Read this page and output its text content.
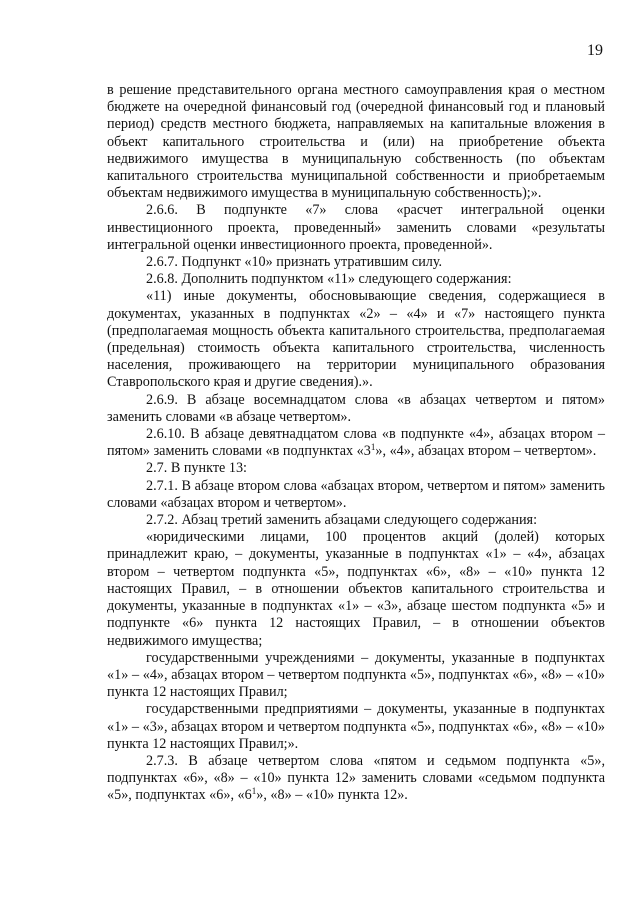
19

в решение представительного органа местного самоуправления края о местном бюджете на очередной финансовый год (очередной финансовый год и плановый период) средств местного бюджета, направляемых на капитальные вложения в объект капитального строительства и (или) на приобретение объекта недвижимого имущества в муниципальную собственность (по объектам капитального строительства муниципальной собственности и приобретаемым объектам недвижимого имущества в муниципальную собственность);».

2.6.6. В подпункте «7» слова «расчет интегральной оценки инвестиционного проекта, проведенный» заменить словами «результаты интегральной оценки инвестиционного проекта, проведенной».

2.6.7. Подпункт «10» признать утратившим силу.

2.6.8. Дополнить подпунктом «11» следующего содержания:

«11) иные документы, обосновывающие сведения, содержащиеся в документах, указанных в подпунктах «2» – «4» и «7» настоящего пункта (предполагаемая мощность объекта капитального строительства, предполагаемая (предельная) стоимость объекта капитального строительства, численность населения, проживающего на территории муниципального образования Ставропольского края и другие сведения).».

2.6.9. В абзаце восемнадцатом слова «в абзацах четвертом и пятом» заменить словами «в абзаце четвертом».

2.6.10. В абзаце девятнадцатом слова «в подпункте «4», абзацах втором – пятом» заменить словами «в подпунктах «$3^1$», «4», абзацах втором – четвертом».

2.7. В пункте 13:

2.7.1. В абзаце втором слова «абзацах втором, четвертом и пятом» заменить словами «абзацах втором и четвертом».

2.7.2. Абзац третий заменить абзацами следующего содержания:

«юридическими лицами, 100 процентов акций (долей) которых принадлежит краю, – документы, указанные в подпунктах «1» – «4», абзацах втором – четвертом подпункта «5», подпунктах «6», «8» – «10» пункта 12 настоящих Правил, – в отношении объектов капитального строительства и документы, указанные в подпунктах «1» – «3», абзаце шестом подпункта «5» и подпункте «6» пункта 12 настоящих Правил, – в отношении объектов недвижимого имущества;

государственными учреждениями – документы, указанные в подпунктах «1» – «4», абзацах втором – четвертом подпункта «5», подпунктах «6», «8» – «10» пункта 12 настоящих Правил;

государственными предприятиями – документы, указанные в подпунктах «1» – «3», абзацах втором и четвертом подпункта «5», подпунктах «6», «8» – «10» пункта 12 настоящих Правил;».

2.7.3. В абзаце четвертом слова «пятом и седьмом подпункта «5», подпунктах «6», «8» – «10» пункта 12» заменить словами «седьмом подпункта «5», подпунктах «6», «$6^1$», «8» – «10» пункта 12».
